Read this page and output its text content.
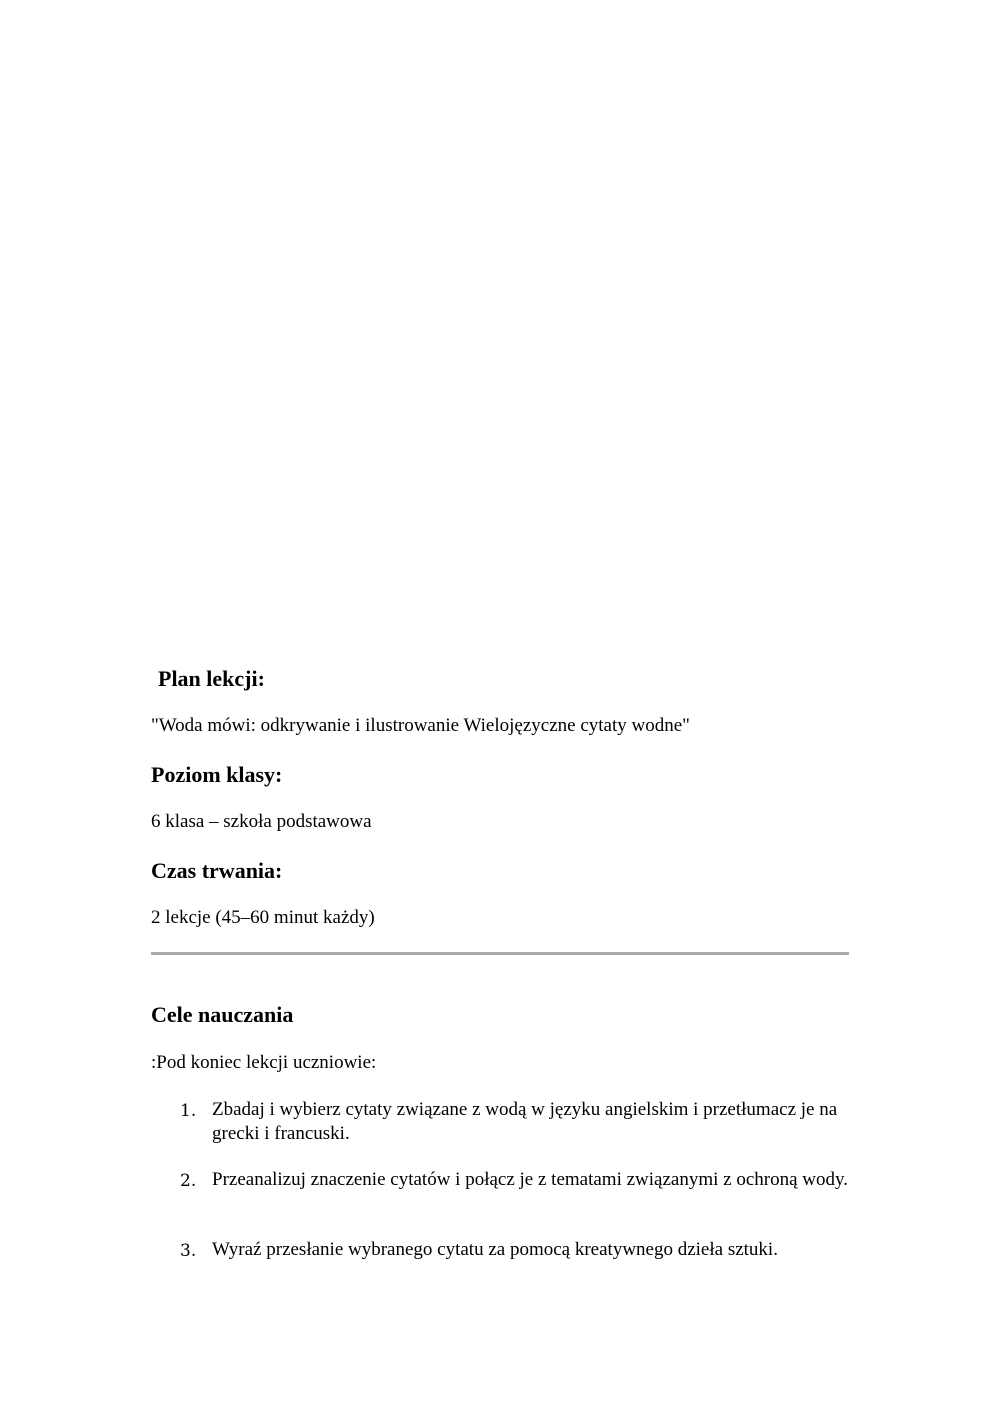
Plan lekcji:

"Woda mówi: odkrywanie i ilustrowanie Wielojęzyczne cytaty wodne"

Poziom klasy:

6 klasa – szkoła podstawowa

Czas trwania:

2 lekcje (45–60 minut każdy)

Cele nauczania

:Pod koniec lekcji uczniowie:

1. Zbadaj i wybierz cytaty związane z wodą w języku angielskim i przetłumacz je na grecki i francuski.
2. Przeanalizuj znaczenie cytatów i połącz je z tematami związanymi z ochroną wody.
3. Wyraź przesłanie wybranego cytatu za pomocą kreatywnego dzieła sztuki.
